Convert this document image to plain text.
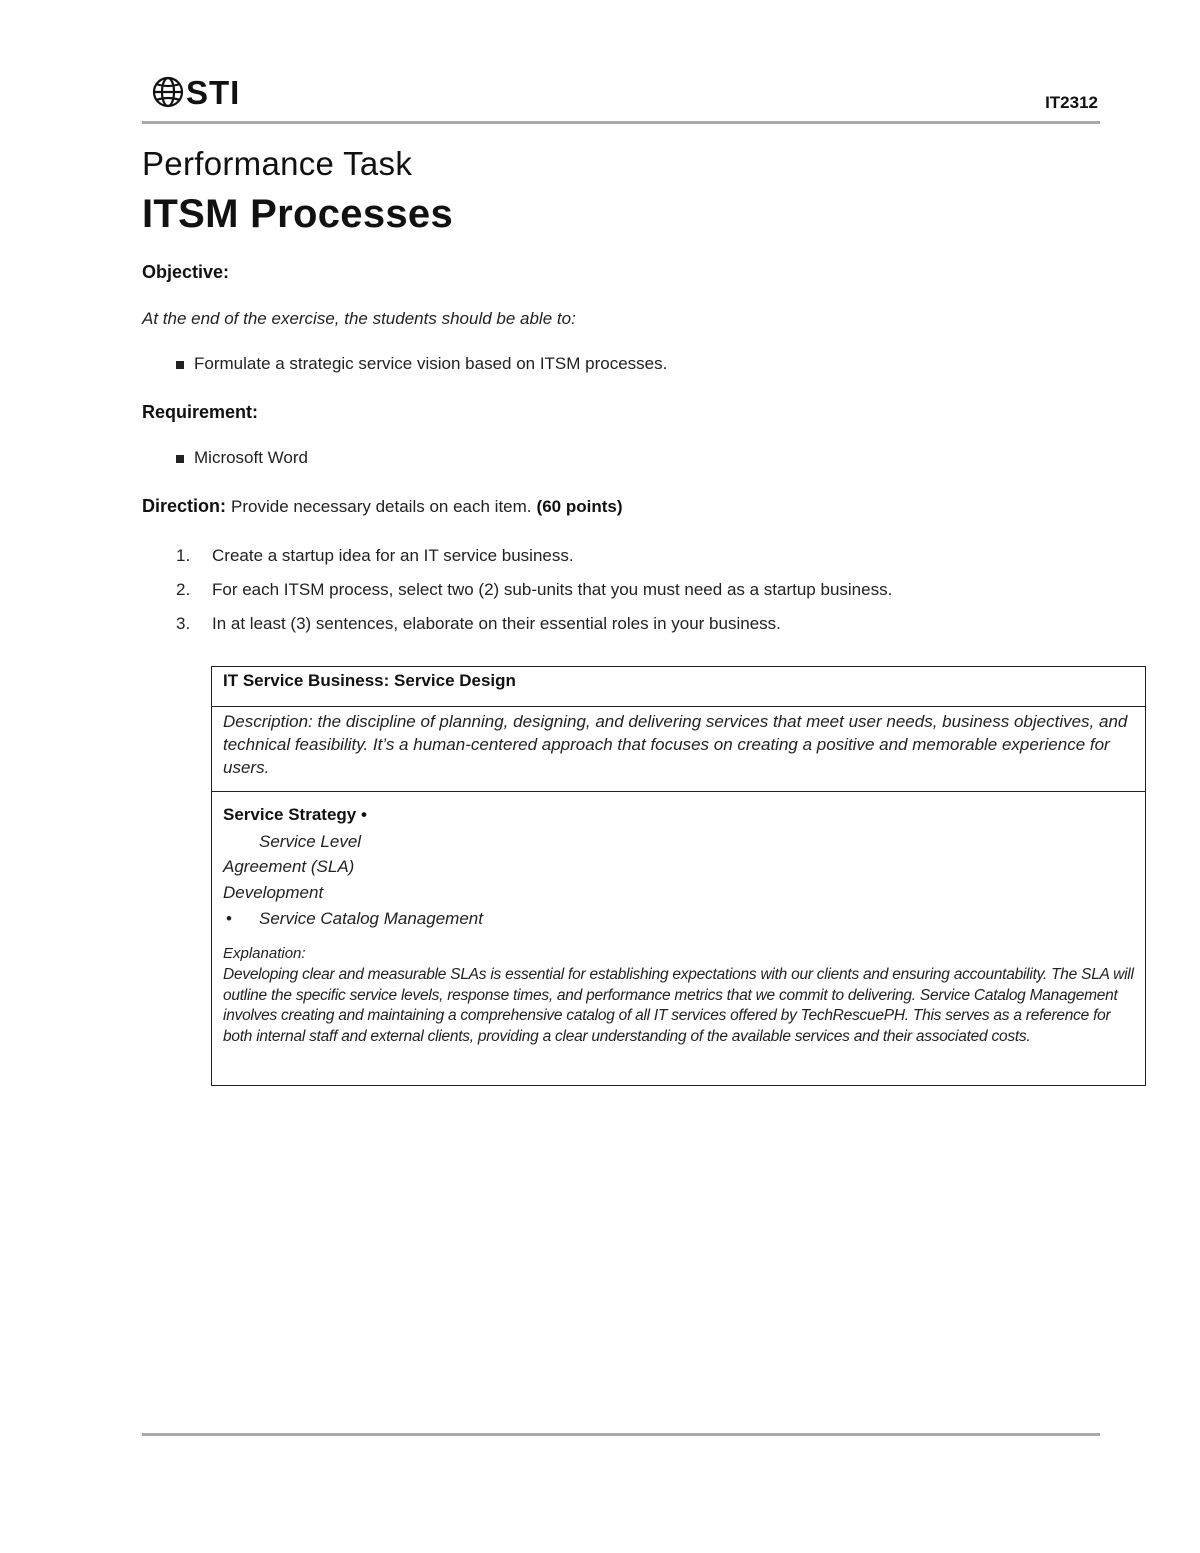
STI	IT2312
Performance Task
ITSM Processes
Objective:
At the end of the exercise, the students should be able to:
Formulate a strategic service vision based on ITSM processes.
Requirement:
Microsoft Word
Direction: Provide necessary details on each item. (60 points)
1.	Create a startup idea for an IT service business.
2.	For each ITSM process, select two (2) sub-units that you must need as a startup business.
3.	In at least (3) sentences, elaborate on their essential roles in your business.
IT Service Business: Service Design
Description: the discipline of planning, designing, and delivering services that meet user needs, business objectives, and technical feasibility. It’s a human-centered approach that focuses on creating a positive and memorable experience for users.
Service Strategy •
Service Level
Agreement (SLA)
Development
• Service Catalog Management
Explanation:
Developing clear and measurable SLAs is essential for establishing expectations with our clients and ensuring accountability. The SLA will outline the specific service levels, response times, and performance metrics that we commit to delivering. Service Catalog Management involves creating and maintaining a comprehensive catalog of all IT services offered by TechRescuePH. This serves as a reference for both internal staff and external clients, providing a clear understanding of the available services and their associated costs.
